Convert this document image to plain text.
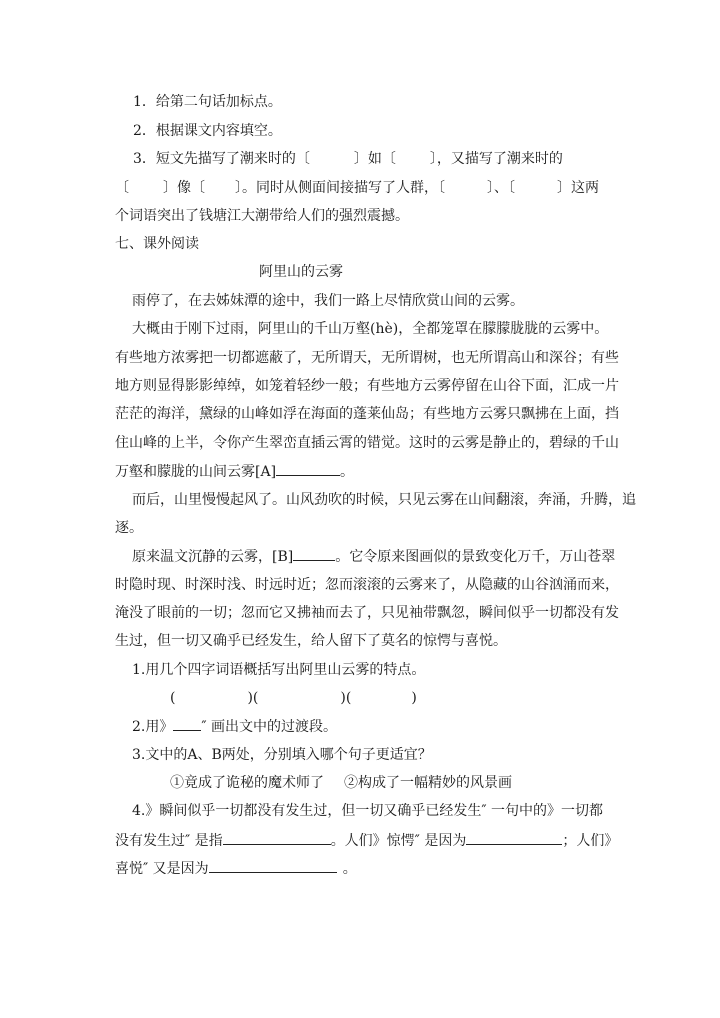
1．给第二句话加标点。
2．根据课文内容填空。
3．短文先描写了潮来时的〔	〕如〔 〕，又描写了潮来时的
〔 〕像〔 〕。同时从侧面间接描写了人群，〔	〕、〔	〕这两
个词语突出了钱塘江大潮带给人们的强烈震撼。
七、课外阅读
阿里山的云雾
雨停了，在去姊妹潭的途中，我们一路上尽情欣赏山间的云雾。
大概由于刚下过雨，阿里山的千山万壑(hè)，全都笼罩在朦朦胧胧的云雾中。
有些地方浓雾把一切都遮蔽了，无所谓天，无所谓树，也无所谓高山和深谷；有些
地方则显得影影绰绰，如笼着轻纱一般；有些地方云雾停留在山谷下面，汇成一片
茫茫的海洋，黛绿的山峰如浮在海面的蓬莱仙岛；有些地方云雾只飘拂在上面，挡
住山峰的上半，令你产生翠峦直插云霄的错觉。这时的云雾是静止的，碧绿的千山
万壑和朦胧的山间云雾[A]	。
而后，山里慢慢起风了。山风劲吹的时候，只见云雾在山间翻滚，奔涌，升腾，追
逐。
原来温文沉静的云雾，[B]	。它令原来图画似的景致变化万千，万山苍翠
时隐时现、时深时浅、时远时近；忽而滚滚的云雾来了，从隐藏的山谷汹涌而来，
淹没了眼前的一切；忽而它又拂袖而去了，只见袖带飘忽，瞬间似乎一切都没有发
生过，但一切又确乎已经发生，给人留下了莫名的惊愕与喜悦。
1.用几个四字词语概括写出阿里山云雾的特点。
(	)(	)(	)
2.用》 ″ 画出文中的过渡段。
3.文中的A、B两处，分别填入哪个句子更适宜？
①竟成了诡秘的魔术师了 ②构成了一幅精妙的风景画
4.》瞬间似乎一切都没有发生过，但一切又确乎已经发生″ 一句中的》一切都
没有发生过″ 是指	。人们》惊愕″ 是因为	；人们》
喜悦″ 又是因为	。
